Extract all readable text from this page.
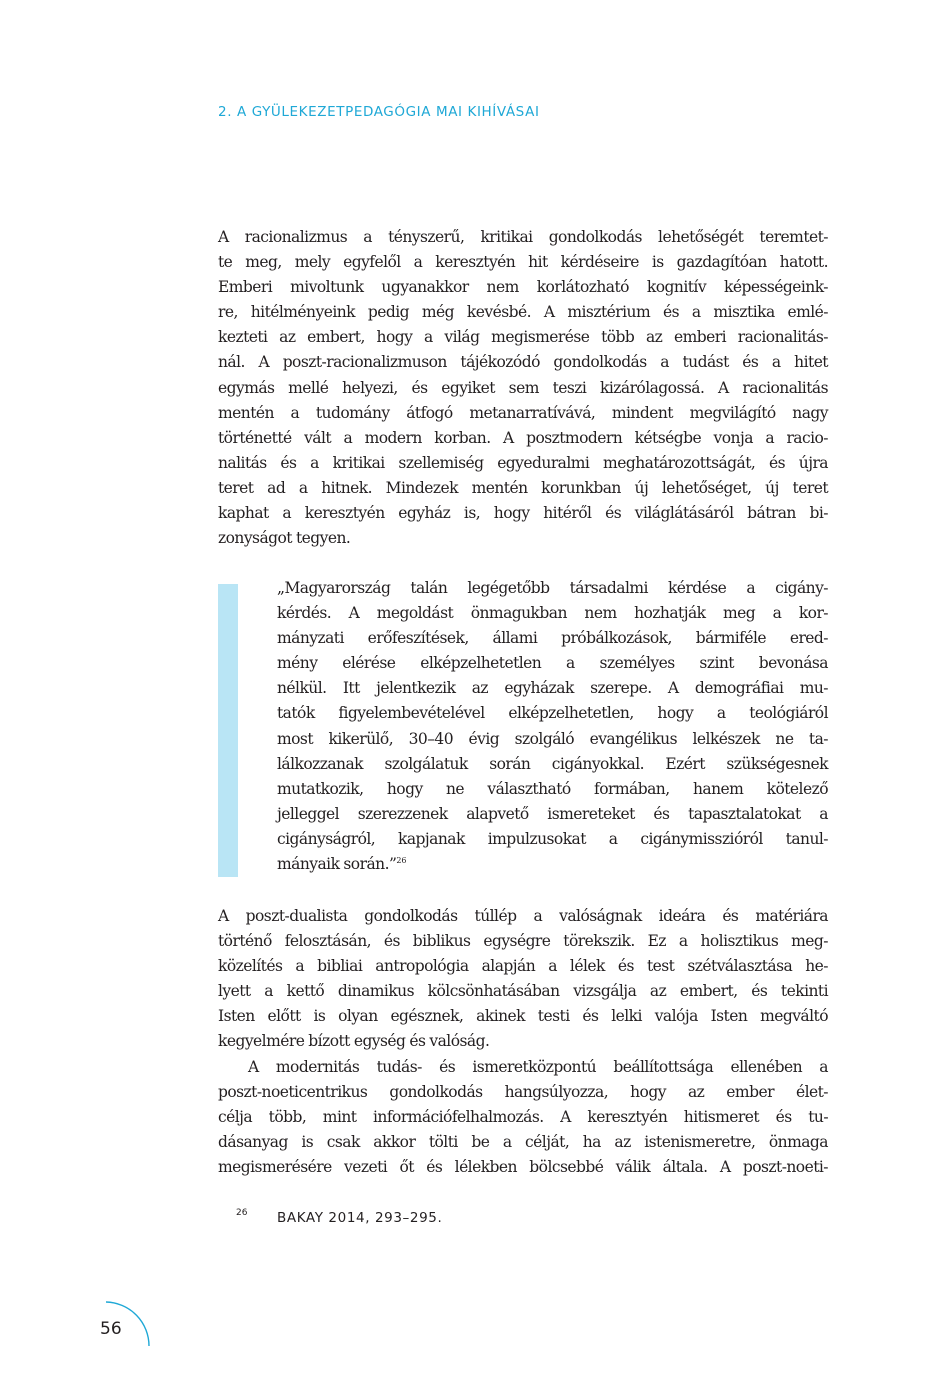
2. A GYÜLEKEZETPEDAGÓGIA MAI KIHÍVÁSAI
A racionalizmus a tényszerű, kritikai gondolkodás lehetőségét teremtet-
te meg, mely egyfelől a keresztyén hit kérdéseire is gazdagítóan hatott.
Emberi mivoltunk ugyanakkor nem korlátozható kognitív képességeink-
re, hitélményeink pedig még kevésbé. A misztérium és a misztika emlé-
kezteti az embert, hogy a világ megismerése több az emberi racionalitás-
nál. A poszt-racionalizmuson tájékozódó gondolkodás a tudást és a hitet
egymás mellé helyezi, és egyiket sem teszi kizárólagossá. A racionalitás
mentén a tudomány átfogó metanarratívává, mindent megvilágító nagy
történetté vált a modern korban. A posztmodern kétségbe vonja a racio-
nalitás és a kritikai szellemiség egyeduralmi meghatározottságát, és újra
teret ad a hitnek. Mindezek mentén korunkban új lehetőséget, új teret
kaphat a keresztyén egyház is, hogy hitéről és világlátásáról bátran bi-
zonyságot tegyen.
„Magyarország talán legégetőbb társadalmi kérdése a cigány-
kérdés. A megoldást önmagukban nem hozhatják meg a kor-
mányzati erőfeszítések, állami próbálkozások, bármiféle ered-
mény elérése elképzelhetetlen a személyes szint bevonása
nélkül. Itt jelentkezik az egyházak szerepe. A demográfiai mu-
tatók figyelembevételével elképzelhetetlen, hogy a teológiáról
most kikerülő, 30–40 évig szolgáló evangélikus lelkészek ne ta-
lálkozzanak szolgálatuk során cigányokkal. Ezért szükségesnek
mutatkozik, hogy ne választható formában, hanem kötelező
jelleggel szerezzenek alapvető ismereteket és tapasztalatokat a
cigányságról, kapjanak impulzusokat a cigánymisszióról tanul-
mányaik során.”$^{26}$
A poszt-dualista gondolkodás túllép a valóságnak ideára és matériára
történő felosztásán, és biblikus egységre törekszik. Ez a holisztikus meg-
közelítés a bibliai antropológia alapján a lélek és test szétválasztása he-
lyett a kettő dinamikus kölcsönhatásában vizsgálja az embert, és tekinti
Isten előtt is olyan egésznek, akinek testi és lelki valója Isten megváltó
kegyelmére bízott egység és valóság.
A modernitás tudás- és ismeretközpontú beállítottsága ellenében a
poszt-noeticentrikus gondolkodás hangsúlyozza, hogy az ember élet-
célja több, mint információfelhalmozás. A keresztyén hitismeret és tu-
dásanyag is csak akkor tölti be a célját, ha az istenismeretre, önmaga
megismerésére vezeti őt és lélekben bölcsebbé válik általa. A poszt-noeti-
26 BAKAY 2014, 293–295.
56
